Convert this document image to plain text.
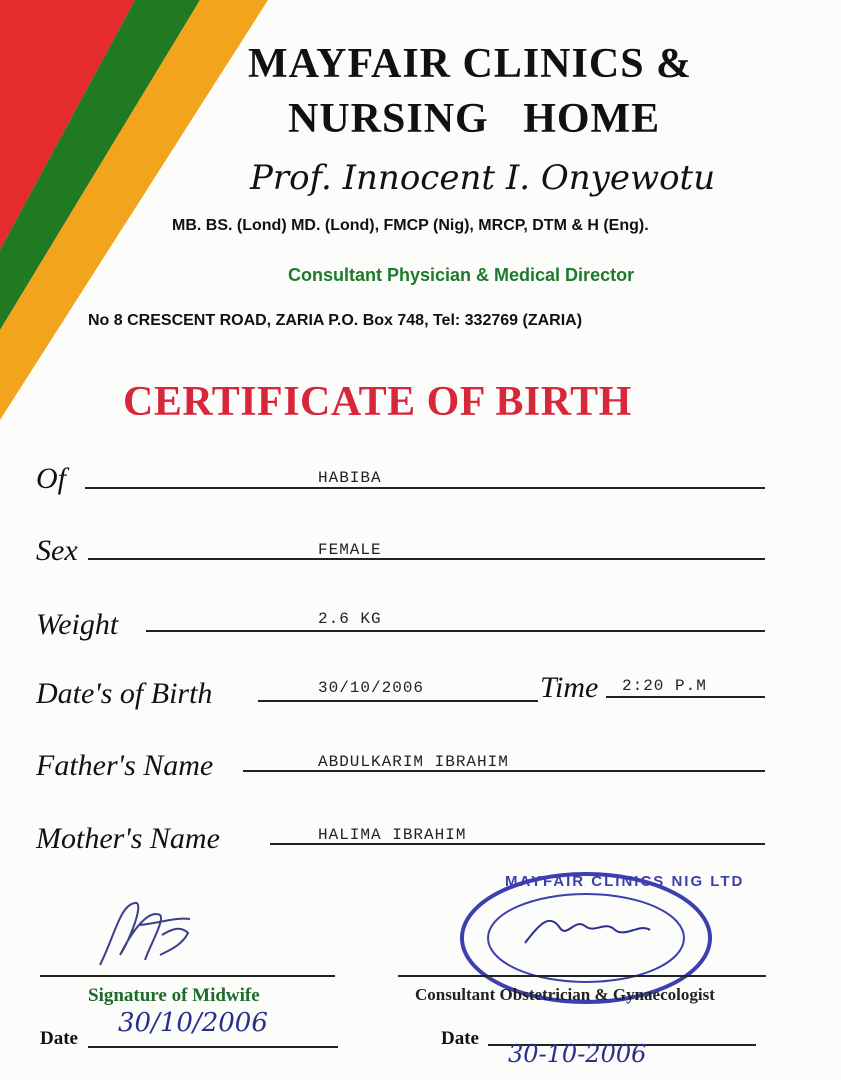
MAYFAIR CLINICS &
NURSING   HOME
Prof. Innocent I. Onyewotu
MB. BS. (Lond) MD. (Lond), FMCP (Nig), MRCP, DTM & H (Eng).
Consultant Physician & Medical Director
No 8 CRESCENT ROAD, ZARIA P.O. Box 748, Tel: 332769 (ZARIA)
CERTIFICATE OF BIRTH
Of	HABIBA
Sex	FEMALE
Weight	2.6 KG
Date's of Birth	30/10/2006	Time 2:20 P.M
Father's Name	ABDULKARIM IBRAHIM
Mother's Name	HALIMA IBRAHIM
Signature of Midwife
MAYFAIR CLINICS NIG LTD
Consultant Obstetrician & Gynaecologist
Date
30/10/2006
Date
30-10-2006
